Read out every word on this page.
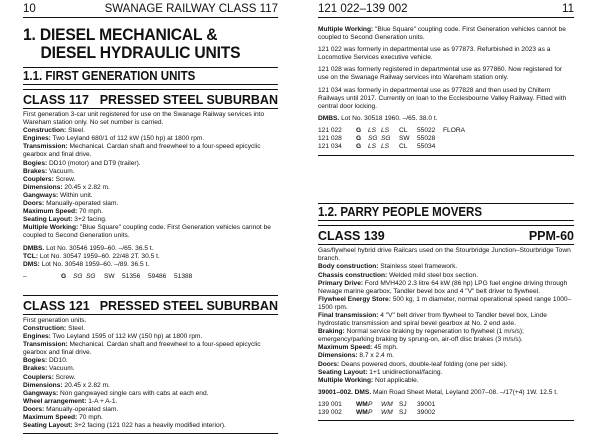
10	SWANAGE RAILWAY CLASS 117
1. DIESEL MECHANICAL &
DIESEL HYDRAULIC UNITS
1.1. FIRST GENERATION UNITS
CLASS 117 PRESSED STEEL SUBURBAN

First generation 3-car unit registered for use on the Swanage Railway services into Wareham station only. No set number is carried.

Construction: Steel.

Engines: Two Leyland 680/1 of 112 kW (150 hp) at 1800 rpm.

Transmission: Mechanical. Cardan shaft and freewheel to a four-speed epicyclic gearbox and final drive.

Bogies: DD10 (motor) and DT9 (trailer).

Brakes: Vacuum.

Couplers: Screw.

Dimensions: 20.45 x 2.82 m.

Gangways: Within unit.

Doors: Manually-operated slam.

Maximum Speed: 70 mph.

Seating Layout: 3+2 facing.

Multiple Working: "Blue Square" coupling code. First Generation vehicles cannot be coupled to Second Generation units.

DMBS. Lot No. 30546 1959–60. –/65. 36.5 t.

TCL: Lot No. 30547 1959–60. 22/48 2T. 30.5 t.

DMS: Lot No. 30548 1959–60. –/89. 36.5 t.

–	G	SG SG	SW	51356	59486	51388
CLASS 121 PRESSED STEEL SUBURBAN

First generation units.

Construction: Steel.

Engines: Two Leyland 1595 of 112 kW (150 hp) at 1800 rpm.

Transmission: Mechanical. Cardan shaft and freewheel to a four-speed epicyclic gearbox and final drive.

Bogies: DD10.

Brakes: Vacuum.

Couplers: Screw.

Dimensions: 20.45 x 2.82 m.

Gangways: Non gangwayed single cars with cabs at each end.

Wheel arrangement: 1-A + A-1.

Doors: Manually-operated slam.

Maximum Speed: 70 mph.

Seating Layout: 3+2 facing (121 022 has a heavily modified interior).

121 022–139 002	11

Multiple Working: "Blue Square" coupling code. First Generation vehicles cannot be coupled to Second Generation units.

121 022 was formerly in departmental use as 977873. Refurbished in 2023 as a Locomotive Services executive vehicle.

121 028 was formerly registered in departmental use as 977860. Now registered for use on the Swanage Railway services into Wareham station only.

121 034 was formerly in departmental use as 977828 and then used by Chiltern Railways until 2017. Currently on loan to the Ecclesbourne Valley Railway. Fitted with central door locking.

DMBS. Lot No. 30518 1960. –/65. 38.0 t.

121 022	G	LS LS	CL	55022	FLORA
121 028	G	SG SG	SW	55028
121 034	G	LS LS	CL	55034
1.2. PARRY PEOPLE MOVERS
CLASS 139	PPM-60

Gas/flywheel hybrid drive Railcars used on the Stourbridge Junction–Stourbridge Town branch.

Body construction: Stainless steel framework.

Chassis construction: Welded mild steel box section.

Primary Drive: Ford MVH420 2.3 litre 64 kW (86 hp) LPG fuel engine driving through Newage marine gearbox, Tandler bevel box and 4 "V" belt driver to flywheel.

Flywheel Energy Store: 500 kg, 1 m diameter, normal operational speed range 1000–1500 rpm.

Final transmission: 4 "V" belt driver from flywheel to Tandler bevel box, Linde hydrostatic transmission and spiral bevel gearbox at No. 2 end axle.

Braking: Normal service braking by regeneration to flywheel (1 m/s/s); emergency/parking braking by sprung-on, air-off disc brakes (3 m/s/s).

Maximum Speed: 45 mph.

Dimensions: 8.7 x 2.4 m.

Doors: Deans powered doors, double-leaf folding (one per side).

Seating Layout: 1+1 unidirectional/facing.

Multiple Working: Not applicable.

39001–002. DMS. Main Road Sheet Metal, Leyland 2007–08. –/17(+4) 1W. 12.5 t.

139 001	WM P	WM SJ	39001
139 002	WM P	WM SJ	39002
